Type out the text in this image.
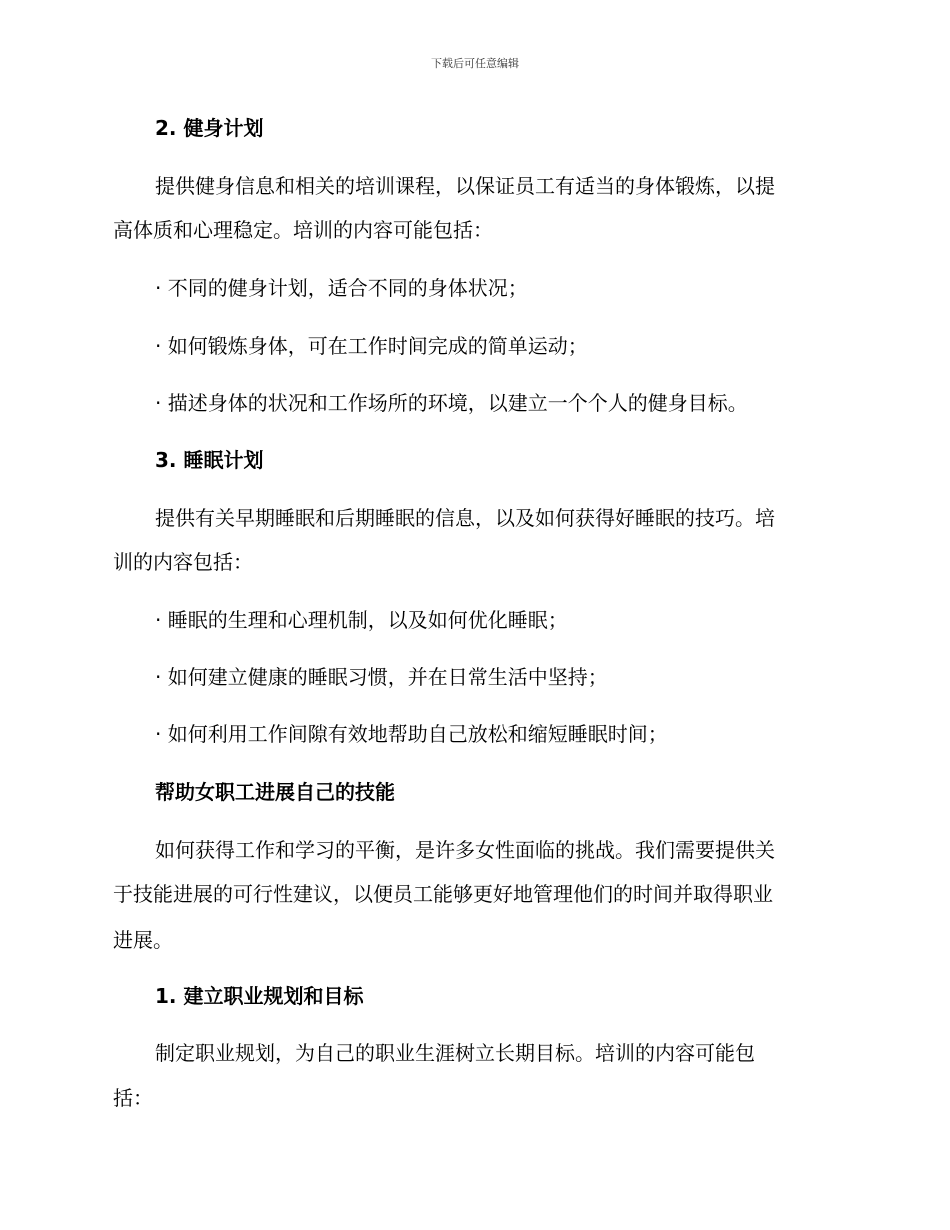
下载后可任意编辑
2. 健身计划
提供健身信息和相关的培训课程，以保证员工有适当的身体锻炼，以提
高体质和心理稳定。培训的内容可能包括：
· 不同的健身计划，适合不同的身体状况；
· 如何锻炼身体，可在工作时间完成的简单运动；
· 描述身体的状况和工作场所的环境，以建立一个个人的健身目标。
3. 睡眠计划
提供有关早期睡眠和后期睡眠的信息，以及如何获得好睡眠的技巧。培
训的内容包括：
· 睡眠的生理和心理机制，以及如何优化睡眠；
· 如何建立健康的睡眠习惯，并在日常生活中坚持；
· 如何利用工作间隙有效地帮助自己放松和缩短睡眠时间；
帮助女职工进展自己的技能
如何获得工作和学习的平衡，是许多女性面临的挑战。我们需要提供关
于技能进展的可行性建议，以便员工能够更好地管理他们的时间并取得职业
进展。
1. 建立职业规划和目标
制定职业规划，为自己的职业生涯树立长期目标。培训的内容可能包
括：
